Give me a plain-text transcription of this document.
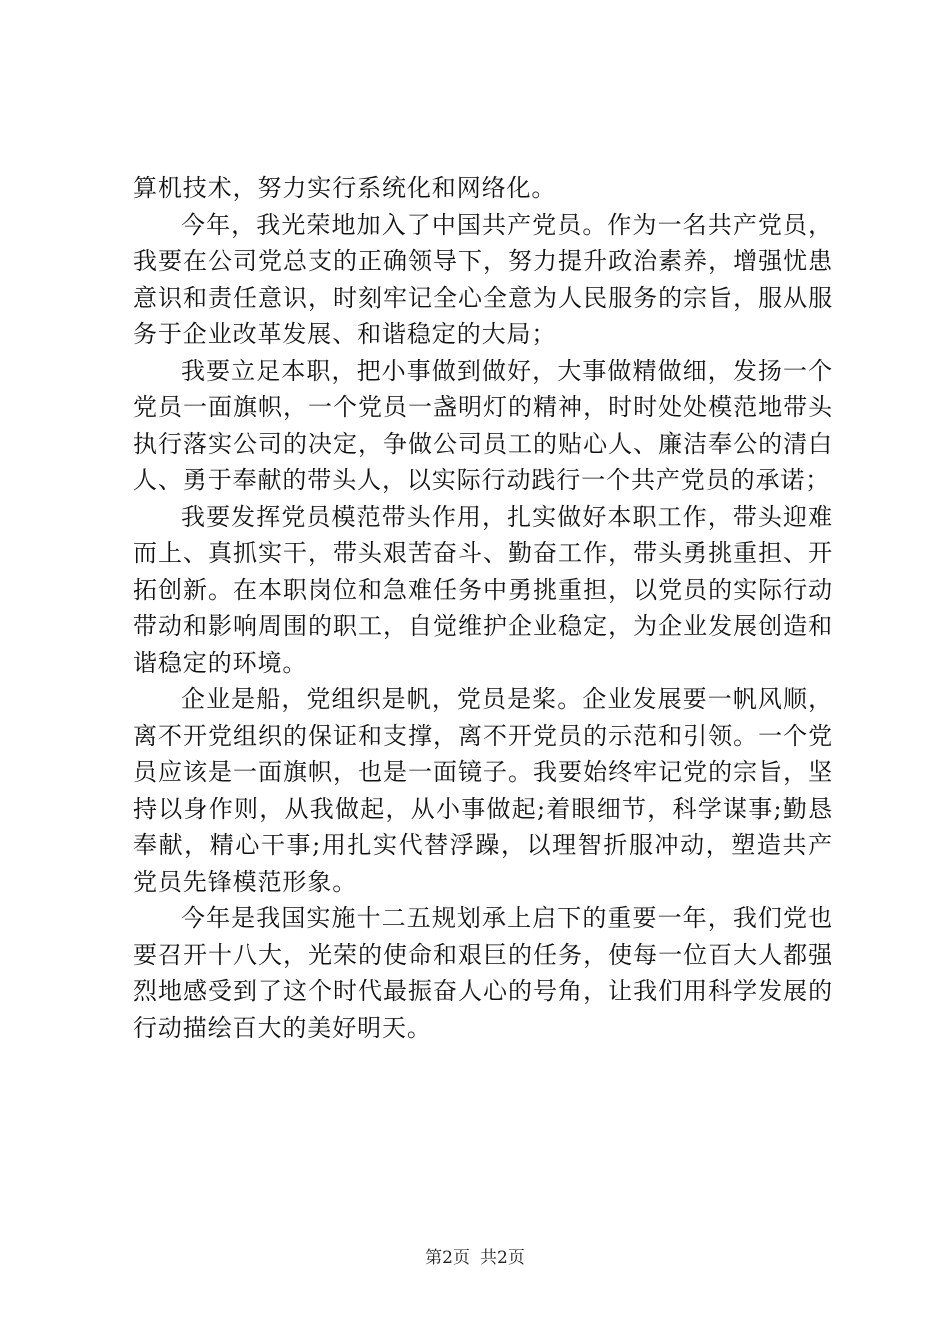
算机技术，努力实行系统化和网络化。

今年，我光荣地加入了中国共产党员。作为一名共产党员，我要在公司党总支的正确领导下，努力提升政治素养，增强忧患意识和责任意识，时刻牢记全心全意为人民服务的宗旨，服从服务于企业改革发展、和谐稳定的大局；

我要立足本职，把小事做到做好，大事做精做细，发扬一个党员一面旗帜，一个党员一盏明灯的精神，时时处处模范地带头执行落实公司的决定，争做公司员工的贴心人、廉洁奉公的清白人、勇于奉献的带头人，以实际行动践行一个共产党员的承诺；

我要发挥党员模范带头作用，扎实做好本职工作，带头迎难而上、真抓实干，带头艰苦奋斗、勤奋工作，带头勇挑重担、开拓创新。在本职岗位和急难任务中勇挑重担，以党员的实际行动带动和影响周围的职工，自觉维护企业稳定，为企业发展创造和谐稳定的环境。

企业是船，党组织是帆，党员是桨。企业发展要一帆风顺，离不开党组织的保证和支撑，离不开党员的示范和引领。一个党员应该是一面旗帜，也是一面镜子。我要始终牢记党的宗旨，坚持以身作则，从我做起，从小事做起;着眼细节，科学谋事;勤恳奉献，精心干事;用扎实代替浮躁，以理智折服冲动，塑造共产党员先锋模范形象。

今年是我国实施十二五规划承上启下的重要一年，我们党也要召开十八大，光荣的使命和艰巨的任务，使每一位百大人都强烈地感受到了这个时代最振奋人心的号角，让我们用科学发展的行动描绘百大的美好明天。

第2页 共2页
